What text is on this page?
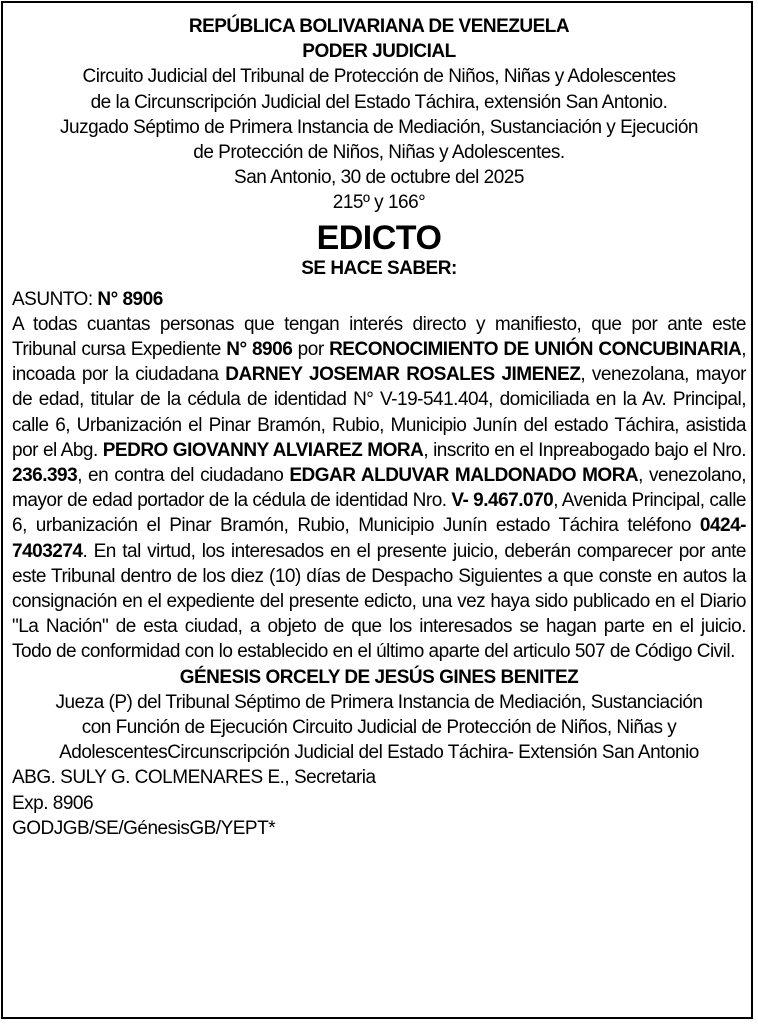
REPÚBLICA BOLIVARIANA DE VENEZUELA

PODER JUDICIAL

Circuito Judicial del Tribunal de Protección de Niños, Niñas y Adolescentes

de la Circunscripción Judicial del Estado Táchira, extensión San Antonio.

Juzgado Séptimo de Primera Instancia de Mediación, Sustanciación y Ejecución

de Protección de Niños, Niñas y Adolescentes.

San Antonio, 30 de octubre del 2025

215º y 166°

EDICTO

SE HACE SABER:

ASUNTO: N° 8906

A todas cuantas personas que tengan interés directo y manifiesto, que por ante este Tribunal cursa Expediente N° 8906 por RECONOCIMIENTO DE UNIÓN CONCUBINARIA, incoada por la ciudadana DARNEY JOSEMAR ROSALES JIMENEZ, venezolana, mayor de edad, titular de la cédula de identidad N° V-19-541.404, domiciliada en la Av. Principal, calle 6, Urbanización el Pinar Bramón, Rubio, Municipio Junín del estado Táchira, asistida por el Abg. PEDRO GIOVANNY ALVIAREZ MORA, inscrito en el Inpreabogado bajo el Nro. 236.393, en contra del ciudadano EDGAR ALDUVAR MALDONADO MORA, venezolano, mayor de edad portador de la cédula de identidad Nro. V- 9.467.070, Avenida Principal, calle 6, urbanización el Pinar Bramón, Rubio, Municipio Junín estado Táchira teléfono 0424-7403274. En tal virtud, los interesados en el presente juicio, deberán comparecer por ante este Tribunal dentro de los diez (10) días de Despacho Siguientes a que conste en autos la consignación en el expediente del presente edicto, una vez haya sido publicado en el Diario "La Nación" de esta ciudad, a objeto de que los interesados se hagan parte en el juicio. Todo de conformidad con lo establecido en el último aparte del articulo 507 de Código Civil.

GÉNESIS ORCELY DE JESÚS GINES BENITEZ

Jueza (P) del Tribunal Séptimo de Primera Instancia de Mediación, Sustanciación

con Función de Ejecución Circuito Judicial de Protección de Niños, Niñas y

AdolescentesCircunscripción Judicial del Estado Táchira- Extensión San Antonio

ABG. SULY G. COLMENARES E., Secretaria

Exp. 8906

GODJGB/SE/GénesisGB/YEPT*
